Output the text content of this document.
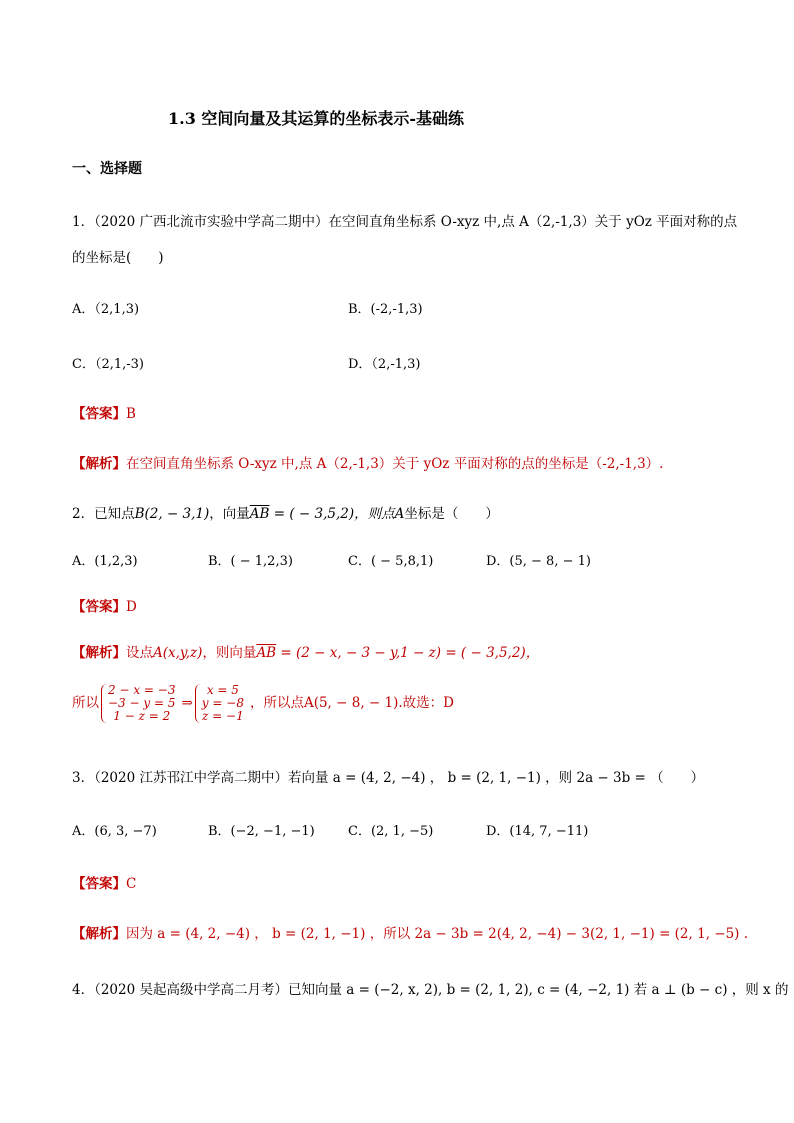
1.3 空间向量及其运算的坐标表示-基础练
一、选择题
1．（2020 广西北流市实验中学高二期中）在空间直角坐标系 O-xyz 中,点 A（2,-1,3）关于 yOz 平面对称的点
的坐标是(　　)
A．（2,1,3)	B．(-2,-1,3)
C．（2,1,-3)	D．（2,-1,3)
【答案】B
【解析】在空间直角坐标系 O-xyz 中,点 A（2,-1,3）关于 yOz 平面对称的点的坐标是（-2,-1,3）.
2．已知点B(2, − 3,1)，向量$\overline{AB}$ = ( − 3,5,2)，则点A坐标是（　　）
A．(1,2,3)	B．( − 1,2,3)	C．( − 5,8,1)	D．(5, − 8, − 1)
【答案】D
【解析】设点A(x,y,z)，则向量$\overline{AB} = (2 - x$, − 3 − y,1 − z) = ( − 3,5,2)，
所以
2 − x = −3
−3 − y = 5
1 − z = 2
⇒
x = 5
y = −8
z = −1
，所以点A(5, − 8, − 1).故选：D
3．（2020 江苏邗江中学高二期中）若向量 a = (4, 2, −4) ， b = (2, 1, −1) ，则 2a − 3b = （　　）
A．(6, 3, −7)	B．(−2, −1, −1)	C．(2, 1, −5)	D．(14, 7, −11)
【答案】C
【解析】因为 a = (4, 2, −4) ， b = (2, 1, −1) ，所以 2a − 3b = 2(4, 2, −4) − 3(2, 1, −1) = (2, 1, −5) .
4．（2020 吴起高级中学高二月考）已知向量 a = (−2, x, 2), b = (2, 1, 2), c = (4, −2, 1) 若 a ⊥ (b − c) ，则 x 的
